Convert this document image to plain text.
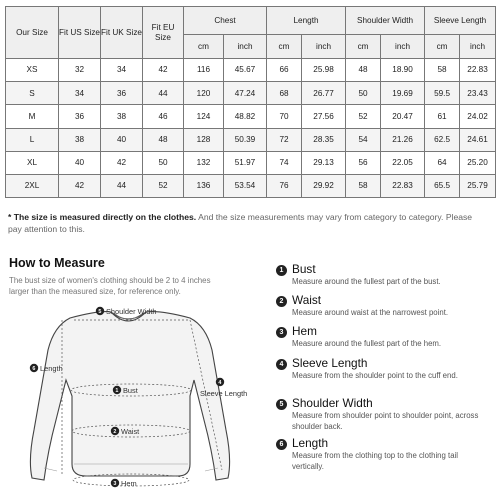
Our Size	Fit US Size	Fit UK Size	Fit EU Size	Chest		Length		Shoulder Width		Sleeve Length	
				cm	inch	cm	inch	cm	inch	cm	inch
XS	32	34	42	116	45.67	66	25.98	48	18.90	58	22.83
S	34	36	44	120	47.24	68	26.77	50	19.69	59.5	23.43
M	36	38	46	124	48.82	70	27.56	52	20.47	61	24.02
L	38	40	48	128	50.39	72	28.35	54	21.26	62.5	24.61
XL	40	42	50	132	51.97	74	29.13	56	22.05	64	25.20
2XL	42	44	52	136	53.54	76	29.92	58	22.83	65.5	25.79

* The size is measured directly on the clothes. And the size measurements may vary from category to category. Please pay attention to this.

How to Measure
The bust size of women's clothing should be 2 to 4 inches larger than the measured size, for reference only.
5 Shoulder Width
6 Length
1 Bust
2 Waist
3 Hem
4
Sleeve Length
1 Bust
Measure around the fullest part of the bust.
2 Waist
Measure around waist at the narrowest point.
3 Hem
Measure around the fullest part of the hem.
4 Sleeve Length
Measure from the shoulder point to the cuff end.
5 Shoulder Width
Measure from shoulder point to shoulder point, across shoulder back.
6 Length
Measure from the clothing top to the clothing tail vertically.
